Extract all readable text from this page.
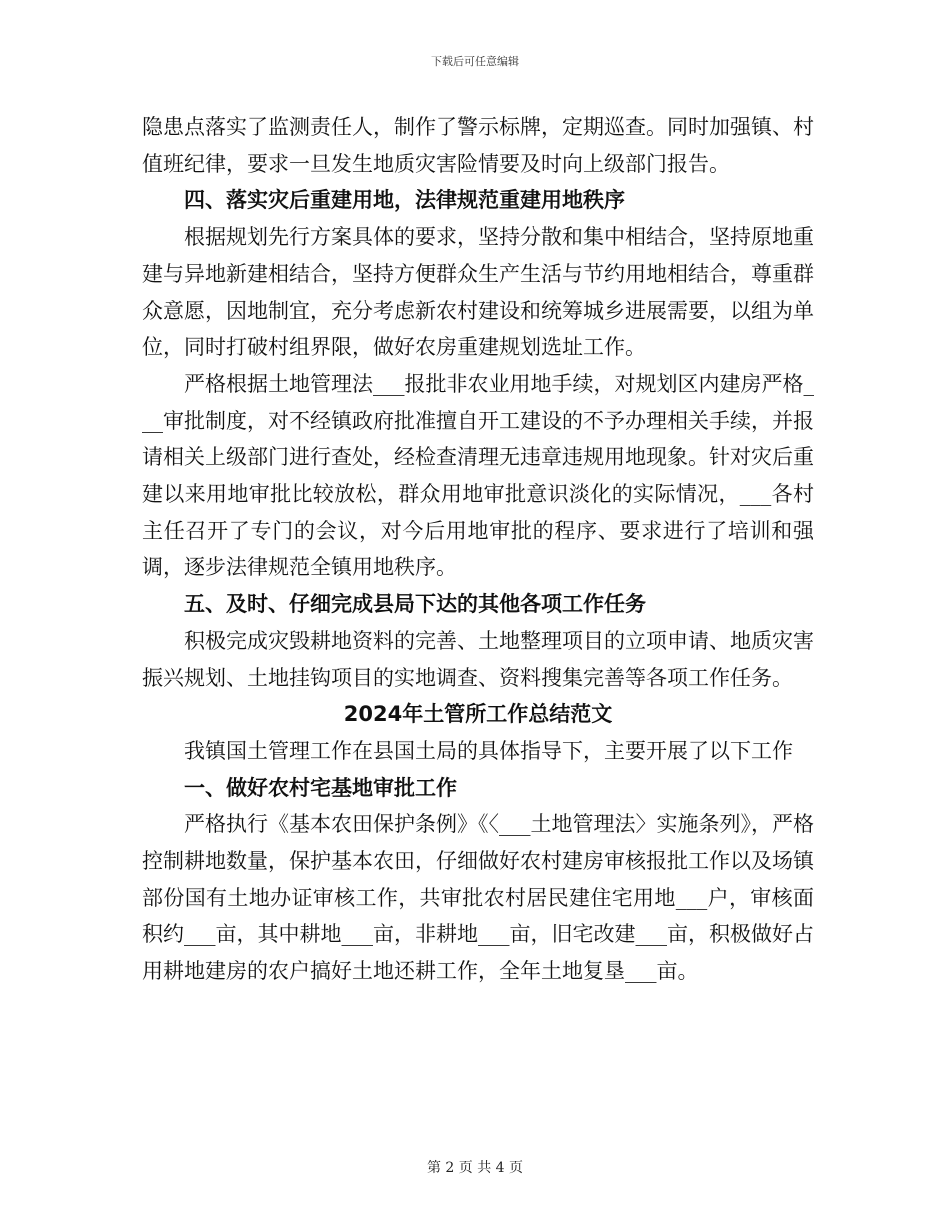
下载后可任意编辑

隐患点落实了监测责任人，制作了警示标牌，定期巡查。同时加强镇、村值班纪律，要求一旦发生地质灾害险情要及时向上级部门报告。

四、落实灾后重建用地，法律规范重建用地秩序

根据规划先行方案具体的要求，坚持分散和集中相结合，坚持原地重建与异地新建相结合，坚持方便群众生产生活与节约用地相结合，尊重群众意愿，因地制宜，充分考虑新农村建设和统筹城乡进展需要，以组为单位，同时打破村组界限，做好农房重建规划选址工作。

严格根据土地管理法___报批非农业用地手续，对规划区内建房严格___审批制度，对不经镇政府批准擅自开工建设的不予办理相关手续，并报请相关上级部门进行查处，经检查清理无违章违规用地现象。针对灾后重建以来用地审批比较放松，群众用地审批意识淡化的实际情况，___各村主任召开了专门的会议，对今后用地审批的程序、要求进行了培训和强调，逐步法律规范全镇用地秩序。

五、及时、仔细完成县局下达的其他各项工作任务

积极完成灾毁耕地资料的完善、土地整理项目的立项申请、地质灾害振兴规划、土地挂钩项目的实地调查、资料搜集完善等各项工作任务。

2024年土管所工作总结范文

我镇国土管理工作在县国土局的具体指导下，主要开展了以下工作

一、做好农村宅基地审批工作

严格执行《基本农田保护条例》《〈___土地管理法〉实施条列》，严格控制耕地数量，保护基本农田，仔细做好农村建房审核报批工作以及场镇部份国有土地办证审核工作，共审批农村居民建住宅用地___户，审核面积约___亩，其中耕地___亩，非耕地___亩，旧宅改建___亩，积极做好占用耕地建房的农户搞好土地还耕工作，全年土地复垦___亩。

第 2 页 共 4 页
